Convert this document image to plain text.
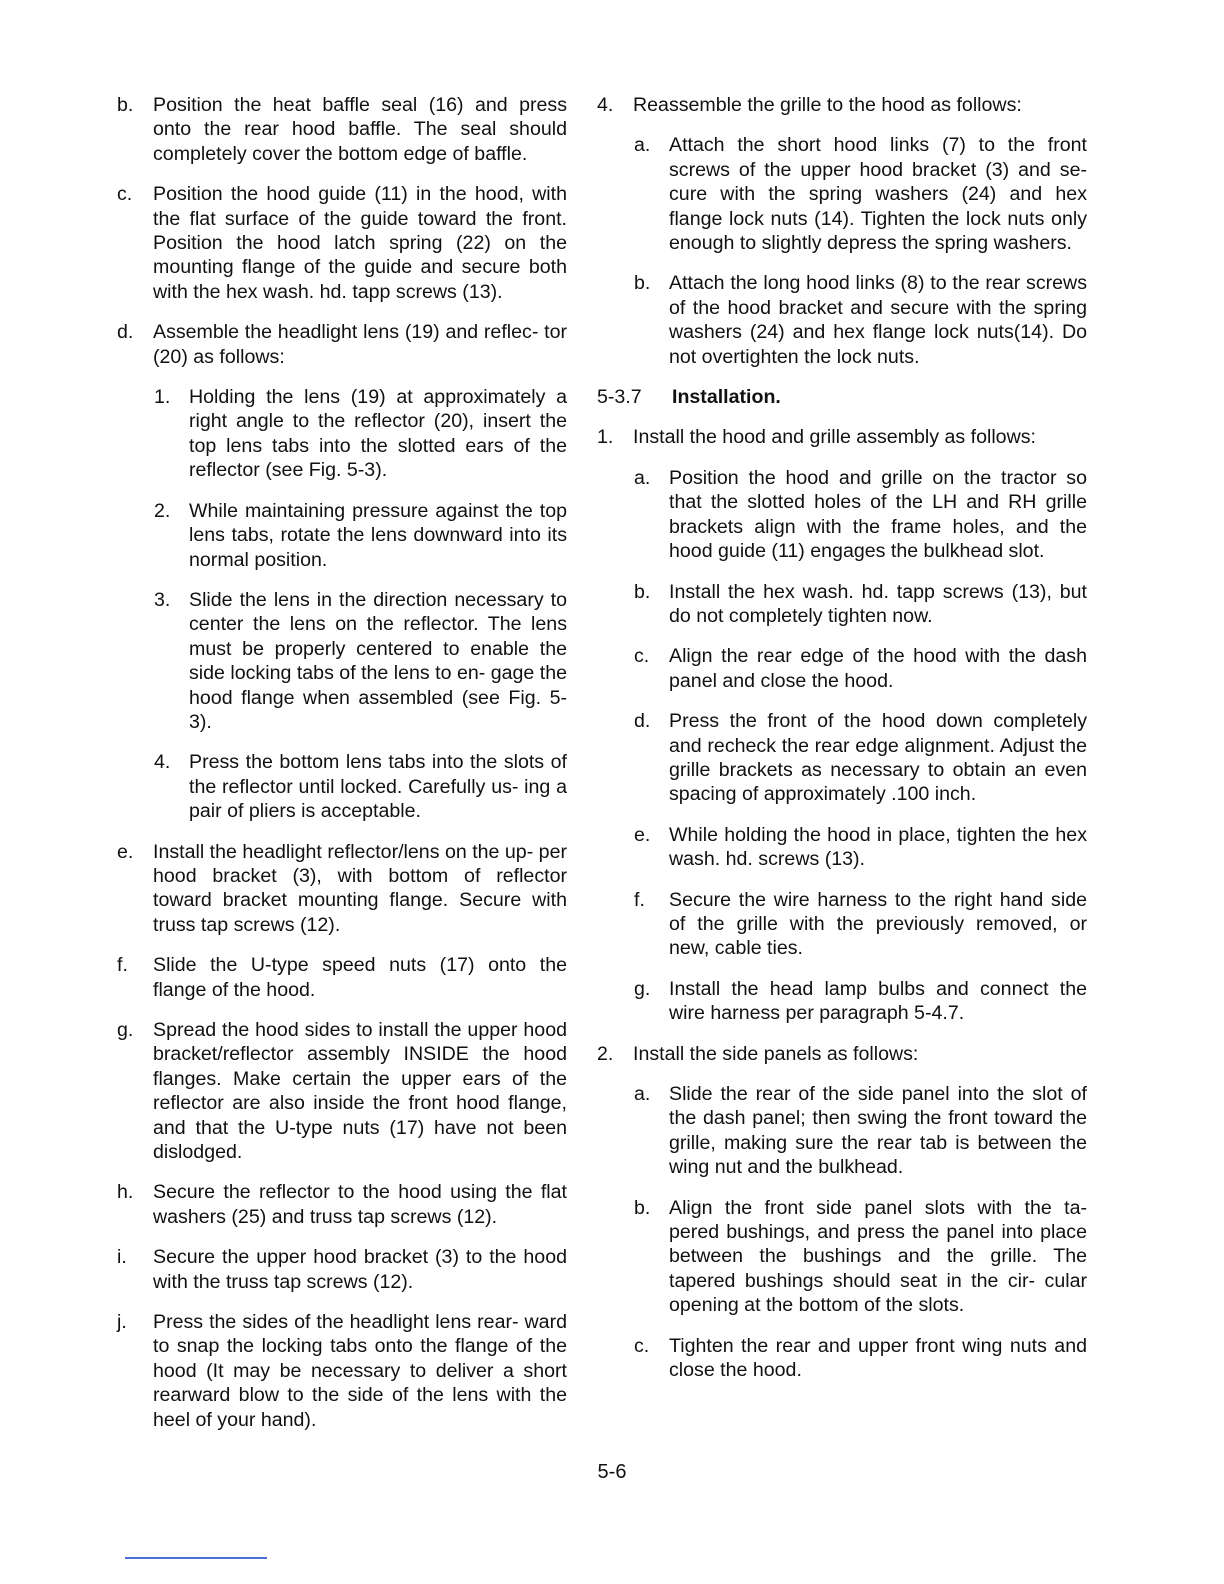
b. Position the heat baffle seal (16) and press onto the rear hood baffle. The seal should completely cover the bottom edge of baffle.
c. Position the hood guide (11) in the hood, with the flat surface of the guide toward the front. Position the hood latch spring (22) on the mounting flange of the guide and secure both with the hex wash. hd. tapp screws (13).
d. Assemble the headlight lens (19) and reflec- tor (20) as follows:
1. Holding the lens (19) at approximately a right angle to the reflector (20), insert the top lens tabs into the slotted ears of the reflector (see Fig. 5-3).
2. While maintaining pressure against the top lens tabs, rotate the lens downward into its normal position.
3. Slide the lens in the direction necessary to center the lens on the reflector. The lens must be properly centered to enable the side locking tabs of the lens to en- gage the hood flange when assembled (see Fig. 5-3).
4. Press the bottom lens tabs into the slots of the reflector until locked. Carefully us- ing a pair of pliers is acceptable.
e. Install the headlight reflector/lens on the up- per hood bracket (3), with bottom of reflector toward bracket mounting flange. Secure with truss tap screws (12).
f. Slide the U-type speed nuts (17) onto the flange of the hood.
g. Spread the hood sides to install the upper hood bracket/reflector assembly INSIDE the hood flanges. Make certain the upper ears of the reflector are also inside the front hood flange, and that the U-type nuts (17) have not been dislodged.
h. Secure the reflector to the hood using the flat washers (25) and truss tap screws (12).
i. Secure the upper hood bracket (3) to the hood with the truss tap screws (12).
j. Press the sides of the headlight lens rear- ward to snap the locking tabs onto the flange of the hood (It may be necessary to deliver a short rearward blow to the side of the lens with the heel of your hand).
4. Reassemble the grille to the hood as follows:
a. Attach the short hood links (7) to the front screws of the upper hood bracket (3) and se- cure with the spring washers (24) and hex flange lock nuts (14). Tighten the lock nuts only enough to slightly depress the spring washers.
b. Attach the long hood links (8) to the rear screws of the hood bracket and secure with the spring washers (24) and hex flange lock nuts(14). Do not overtighten the lock nuts.
5-3.7 Installation.
1. Install the hood and grille assembly as follows:
a. Position the hood and grille on the tractor so that the slotted holes of the LH and RH grille brackets align with the frame holes, and the hood guide (11) engages the bulkhead slot.
b. Install the hex wash. hd. tapp screws (13), but do not completely tighten now.
c. Align the rear edge of the hood with the dash panel and close the hood.
d. Press the front of the hood down completely and recheck the rear edge alignment. Adjust the grille brackets as necessary to obtain an even spacing of approximately .100 inch.
e. While holding the hood in place, tighten the hex wash. hd. screws (13).
f. Secure the wire harness to the right hand side of the grille with the previously removed, or new, cable ties.
g. Install the head lamp bulbs and connect the wire harness per paragraph 5-4.7.
2. Install the side panels as follows:
a. Slide the rear of the side panel into the slot of the dash panel; then swing the front toward the grille, making sure the rear tab is between the wing nut and the bulkhead.
b. Align the front side panel slots with the ta- pered bushings, and press the panel into place between the bushings and the grille. The tapered bushings should seat in the cir- cular opening at the bottom of the slots.
c. Tighten the rear and upper front wing nuts and close the hood.
5-6
